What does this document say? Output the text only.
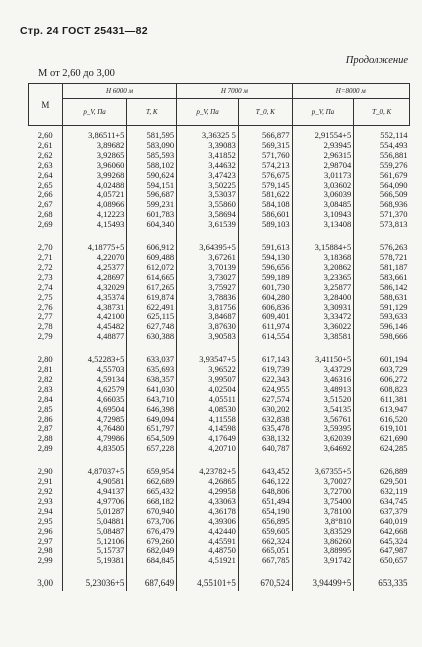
Стр. 24 ГОСТ 25431—82
Продолжение
M от 2,60 до 3,00
M	H 6000 м		H 7000 м		H=8000 м	
	p_V, Па	T, К	p_V, Па	T_0, К	p_V, Па	T_0, К
2,60	3,86511+5	581,595	3,36325 5	566,877	2,91554+5	552,114
2,61	3,89682	583,090	3,39083	569,315	2,93945	554,493
2,62	3,92865	585,593	3,41852	571,760	2,96315	556,881
2,63	3,96060	588,102	3,44632	574,213	2,98704	559,276
2,64	3,99268	590,624	3,47423	576,675	3,01173	561,679
2,65	4,02488	594,151	3,50225	579,145	3,03602	564,090
2,66	4,05721	596,687	3,53037	581,622	3,06039	566,509
2,67	4,08966	599,231	3,55860	584,108	3,08485	568,936
2,68	4,12223	601,783	3,58694	586,601	3,10943	571,370
2,69	4,15493	604,340	3,61539	589,103	3,13408	573,813
2,70	4,18775+5	606,912	3,64395+5	591,613	3,15884+5	576,263
2,71	4,22070	609,488	3,67261	594,130	3,18368	578,721
2,72	4,25377	612,072	3,70139	596,656	3,20862	581,187
2,73	4,28697	614,665	3,73027	599,189	3,23365	583,661
2,74	4,32029	617,265	3,75927	601,730	3,25877	586,142
2,75	4,35374	619,874	3,78836	604,280	3,28400	588,631
2,76	4,38731	622,491	3,81756	606,836	3,30931	591,129
2,77	4,42100	625,115	3,84687	609,401	3,33472	593,633
2,78	4,45482	627,748	3,87630	611,974	3,36022	596,146
2,79	4,48877	630,388	3,90583	614,554	3,38581	598,666
2,80	4,52283+5	633,037	3,93547+5	617,143	3,41150+5	601,194
2,81	4,55703	635,693	3,96522	619,739	3,43729	603,729
2,82	4,59134	638,357	3,99507	622,343	3,46316	606,272
2,83	4,62579	641,030	4,02504	624,955	3,48913	608,823
2,84	4,66035	643,710	4,05511	627,574	3,51520	611,381
2,85	4,69504	646,398	4,08530	630,202	3,54135	613,947
2,86	4,72985	649,094	4,11558	632,838	3,56761	616,520
2,87	4,76480	651,797	4,14598	635,478	3,59395	619,101
2,88	4,79986	654,509	4,17649	638,132	3,62039	621,690
2,89	4,83505	657,228	4,20710	640,787	3,64692	624,285
2,90	4,87037+5	659,954	4,23782+5	643,452	3,67355+5	626,889
2,91	4,90581	662,689	4,26865	646,122	3,70027	629,501
2,92	4,94137	665,432	4,29958	648,806	3,72700	632,119
2,93	4,97706	668,182	4,33063	651,494	3,75400	634,745
2,94	5,01287	670,940	4,36178	654,190	3,78100	637,379
2,95	5,04881	673,706	4,39306	656,895	3,8°810	640,019
2,96	5,08487	676,479	4,42440	659,605	3,83529	642,668
2,97	5,12106	679,260	4,45591	662,324	3,86260	645,324
2,98	5,15737	682,049	4,48750	665,051	3,88995	647,987
2,99	5,19381	684,845	4,51921	667,785	3,91742	650,657
3,00	5,23036+5	687,649	4,55101+5	670,524	3,94499+5	653,335
